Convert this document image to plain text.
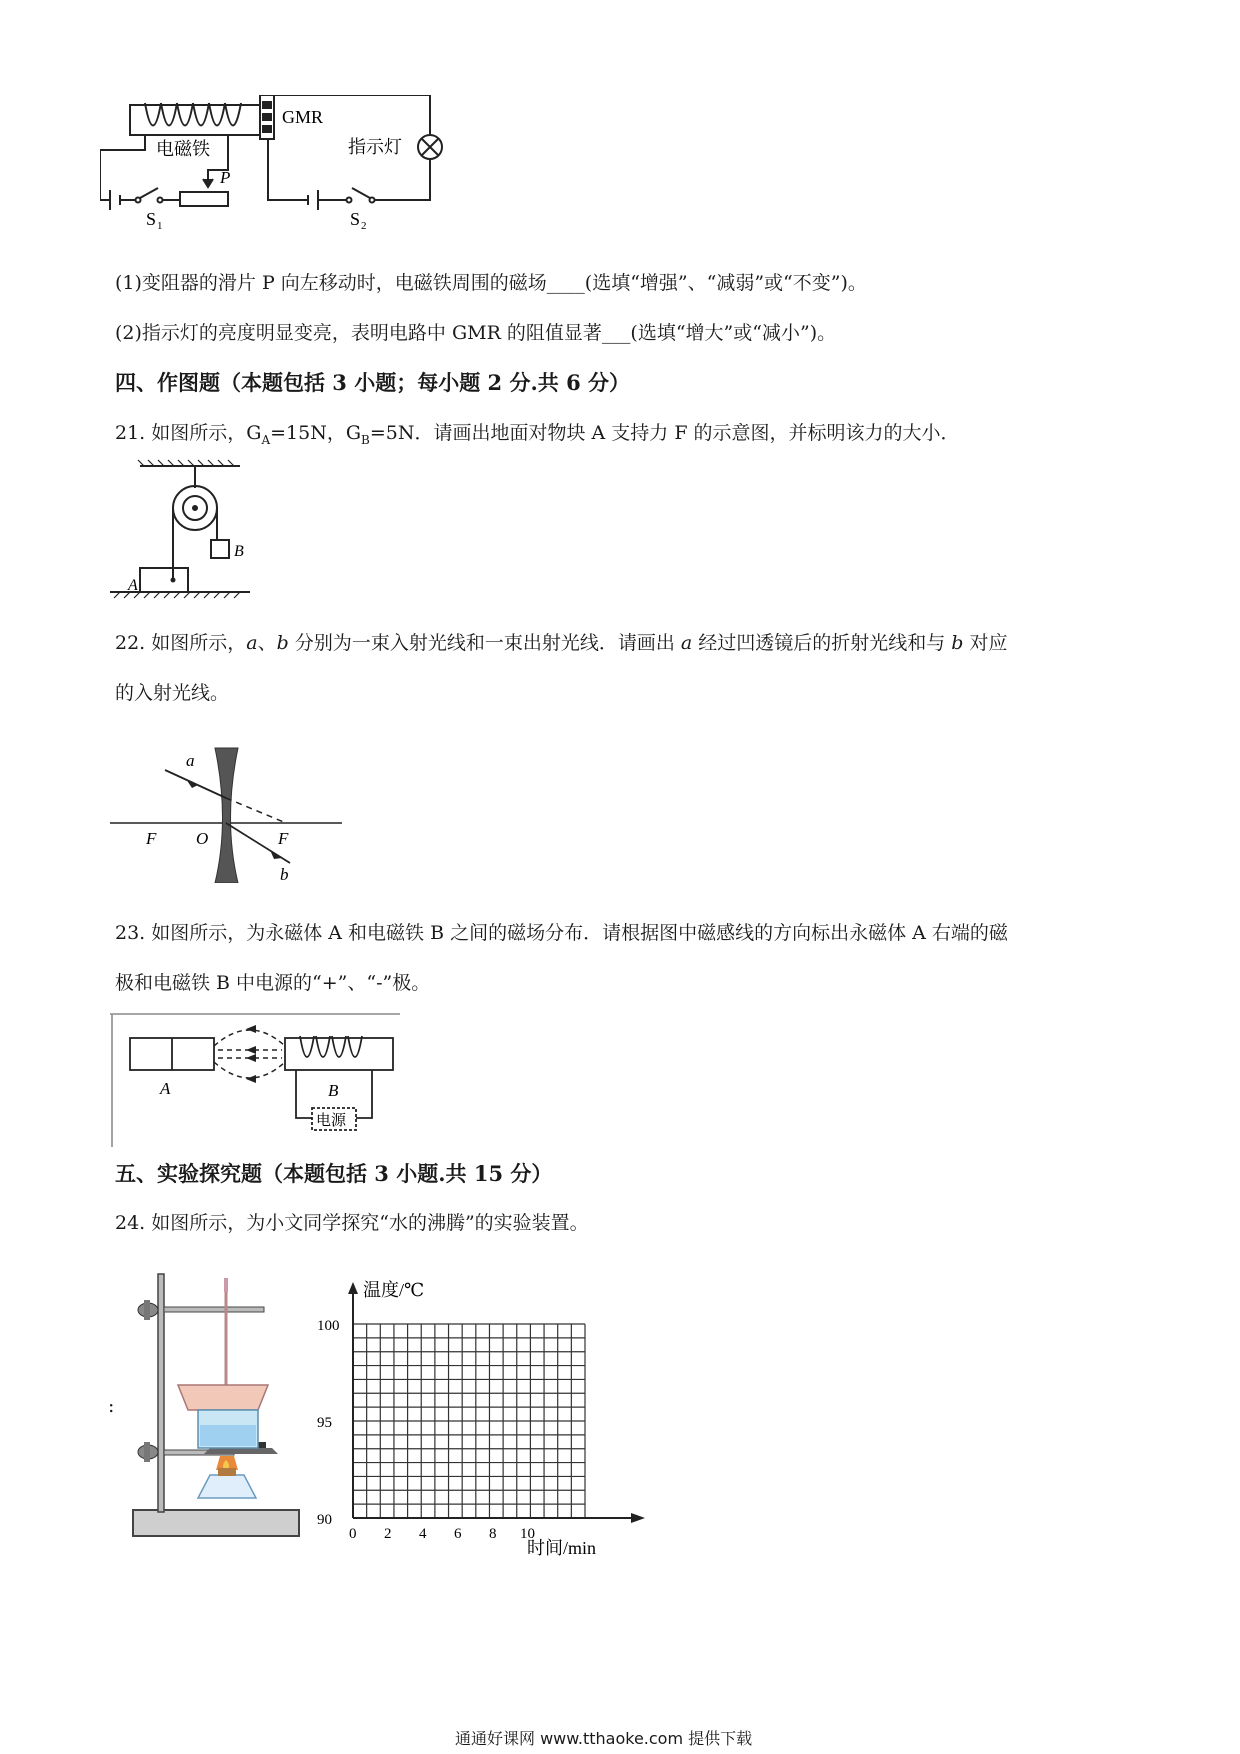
GMR
电磁铁	指示灯
P
S 1	S 2
(1)变阻器的滑片 P 向左移动时，电磁铁周围的磁场____(选填“增强”、“减弱”或“不变”)。
(2)指示灯的亮度明显变亮，表明电路中 GMR 的阻值显著___(选填“增大”或“减小”)。
四、作图题（本题包括 3 小题；每小题 2 分.共 6 分）
21. 如图所示，$G_A=15N$，$G_B=5N$．请画出地面对物块 A 支持力 F 的示意图，并标明该力的大小．
B
A
22. 如图所示，a、b 分别为一束入射光线和一束出射光线．请画出 a 经过凹透镜后的折射光线和与 b 对应
的入射光线。
a
b
F O	F
23. 如图所示，为永磁体 A 和电磁铁 B 之间的磁场分布．请根据图中磁感线的方向标出永磁体 A 右端的磁
极和电磁铁 B 中电源的“+”、“-”极。
A	B
电源
五、实验探究题（本题包括 3 小题.共 15 分）
24. 如图所示，为小文同学探究“水的沸腾”的实验装置。
:
温度/℃
时间/min
100
95
90
0 2 4 6 8 10
通通好课网 www.tthaoke.com 提供下载
